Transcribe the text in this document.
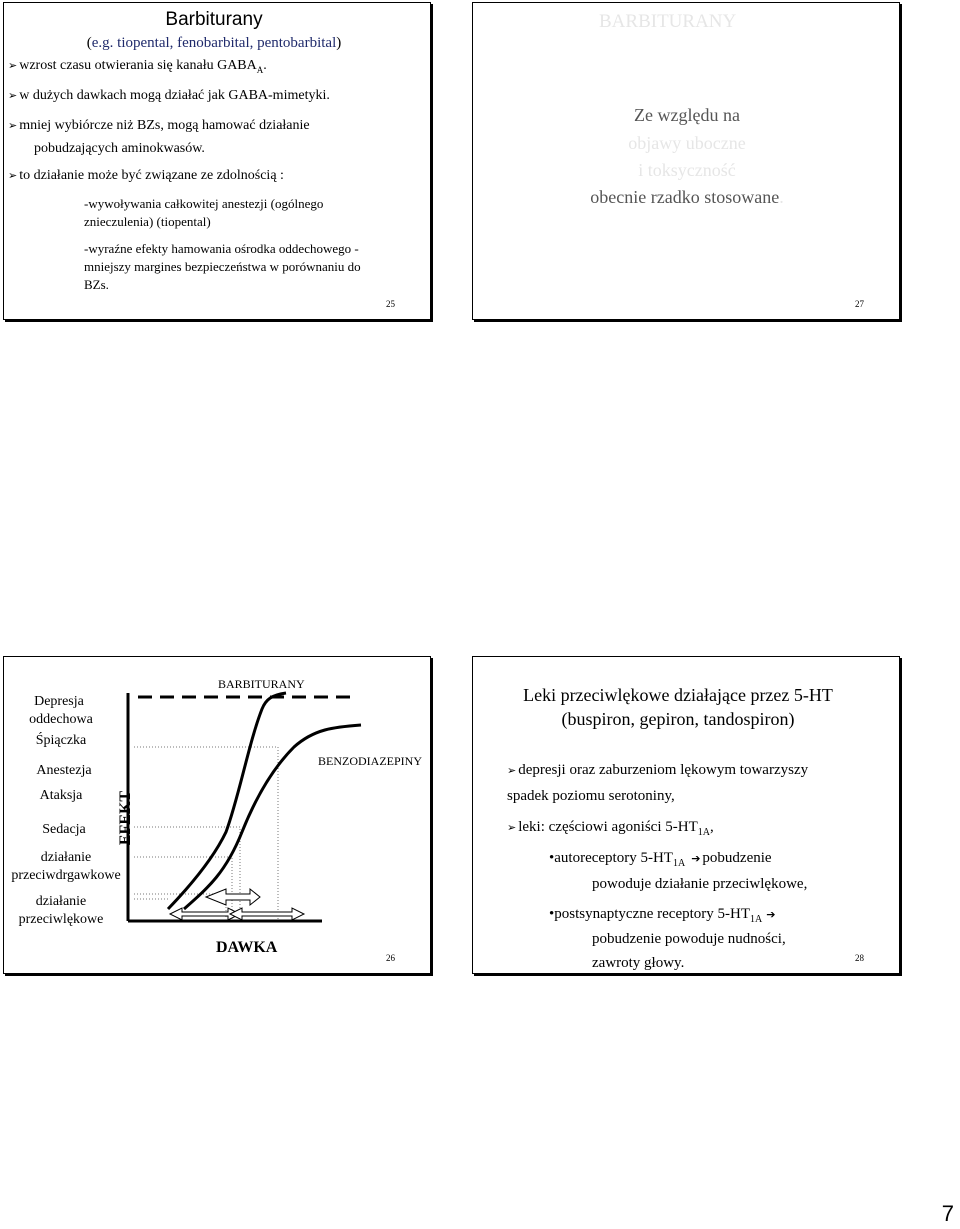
Barbiturany
(e.g. tiopental, fenobarbital, pentobarbital)
➢ wzrost czasu otwierania się kanału $GABA_A$.
➢ w dużych dawkach mogą działać jak GABA-mimetyki.
➢ mniej wybiórcze niż BZs, mogą hamować działanie
pobudzających aminokwasów.
➢ to działanie może być związane ze zdolnością :
-wywoływania całkowitej anestezji (ogólnego
znieczulenia) (tiopental)
-wyraźne efekty hamowania ośrodka oddechowego -
mniejszy margines bezpieczeństwa w porównaniu do
BZs.
25
BARBITURANY
Ze względu na
objawy uboczne
i toksyczność
obecnie rzadko stosowane.
27
Depresja
oddechowa
Śpiączka
Anestezja
Ataksja
Sedacja
działanie
przeciwdrgawkowe
działanie
przeciwlękowe
EFEKT
DAWKA
BARBITURANY
BENZODIAZEPINY
26
Leki przeciwlękowe działające przez 5-HT
(buspiron, gepiron, tandospiron)
➢ depresji oraz zaburzeniom lękowym towarzyszy
spadek poziomu serotoniny,
➢ leki: częściowi agoniści $5-HT_{1A}$,
•autoreceptory $5-HT_{1A}$ ➔ pobudzenie
powoduje działanie przeciwlękowe,
•postsynaptyczne receptory $5-HT_{1A}$ ➔
pobudzenie powoduje nudności,
zawroty głowy.	28
7
